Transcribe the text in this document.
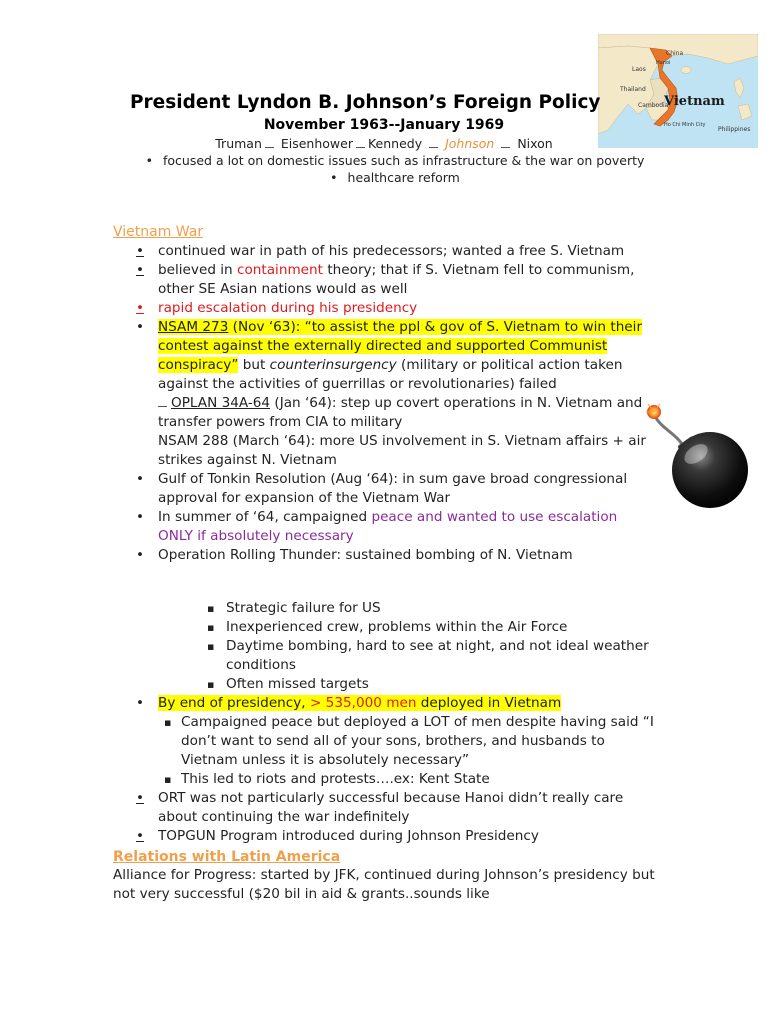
China
Hanoi
Laos
Thailand
Cambodia
Ho Chi Minh City
Philippines
Vietnam
President Lyndon B. Johnson’s Foreign Policy
November 1963--January 1969
Truman Eisenhower Kennedy Johnson Nixon
• focused a lot on domestic issues such as infrastructure & the war on poverty
• healthcare reform
Vietnam War
•	continued war in path of his predecessors; wanted a free S. Vietnam
•	believed in containment theory; that if S. Vietnam fell to communism, other SE Asian nations would as well
•	rapid escalation during his presidency
•	NSAM 273 (Nov ‘63): “to assist the ppl & gov of S. Vietnam to win their contest against the externally directed and supported Communist conspiracy” but counterinsurgency (military or political action taken against the activities of guerrillas or revolutionaries) failed
OPLAN 34A-64 (Jan ‘64): step up covert operations in N. Vietnam and transfer powers from CIA to military
NSAM 288 (March ‘64): more US involvement in S. Vietnam affairs + air strikes against N. Vietnam
•	Gulf of Tonkin Resolution (Aug ‘64): in sum gave broad congressional approval for expansion of the Vietnam War
•	In summer of ‘64, campaigned peace and wanted to use escalation ONLY if absolutely necessary
•	Operation Rolling Thunder: sustained bombing of N. Vietnam
▪ Strategic failure for US
▪ Inexperienced crew, problems within the Air Force
▪ Daytime bombing, hard to see at night, and not ideal weather conditions
▪ Often missed targets
•	By end of presidency, > 535,000 men deployed in Vietnam
▪ Campaigned peace but deployed a LOT of men despite having said “I don’t want to send all of your sons, brothers, and husbands to Vietnam unless it is absolutely necessary”
▪ This led to riots and protests….ex: Kent State
•	ORT was not particularly successful because Hanoi didn’t really care about continuing the war indefinitely
•	TOPGUN Program introduced during Johnson Presidency
Relations with Latin America
Alliance for Progress: started by JFK, continued during Johnson’s presidency but not very successful ($20 bil in aid & grants..sounds like
